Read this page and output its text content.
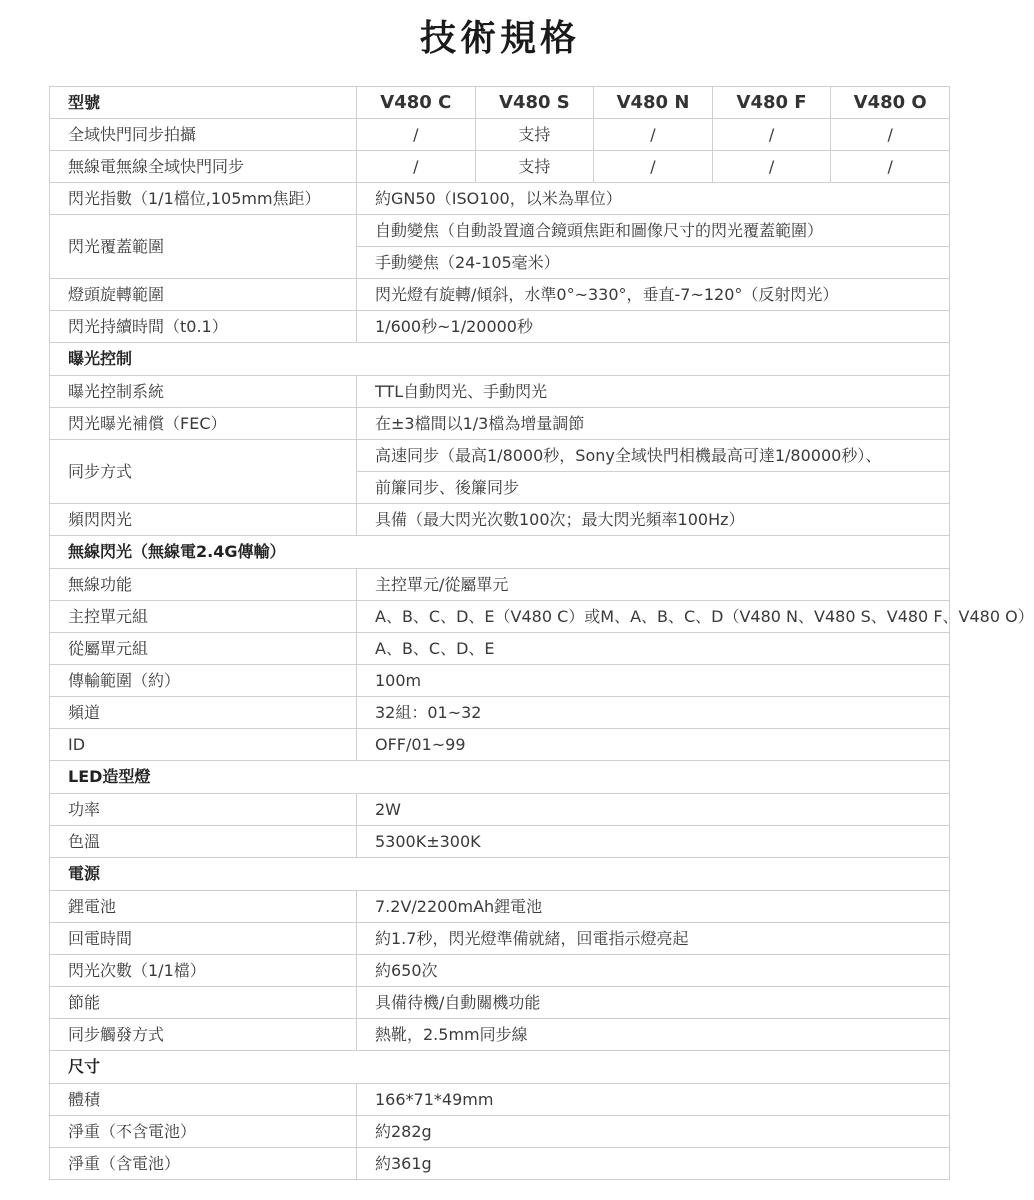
技術規格
型號	V480 C	V480 S	V480 N	V480 F	V480 O
全域快門同步拍攝	/	支持	/	/	/
無線電無線全域快門同步	/	支持	/	/	/
閃光指數（1/1檔位,105mm焦距）	約GN50（ISO100，以米為單位）				
閃光覆蓋範圍	自動變焦（自動設置適合鏡頭焦距和圖像尺寸的閃光覆蓋範圍）				
	手動變焦（24-105毫米）				
燈頭旋轉範圍	閃光燈有旋轉/傾斜，水準0°~330°，垂直-7~120°（反射閃光）				
閃光持續時間（t0.1）	1/600秒~1/20000秒				
曝光控制					
曝光控制系統	TTL自動閃光、手動閃光				
閃光曝光補償（FEC）	在±3檔間以1/3檔為增量調節				
同步方式	高速同步（最高1/8000秒，Sony全域快門相機最高可達1/80000秒）、				
	前簾同步、後簾同步				
頻閃閃光	具備（最大閃光次數100次；最大閃光頻率100Hz）				
無線閃光（無線電2.4G傳輸）					
無線功能	主控單元/從屬單元				
主控單元組	A、B、C、D、E（V480 C）或M、A、B、C、D（V480 N、V480 S、V480 F、V480 O）				
從屬單元組	A、B、C、D、E				
傳輸範圍（約）	100m				
頻道	32組：01~32				
ID	OFF/01~99				
LED造型燈					
功率	2W				
色溫	5300K±300K				
電源					
鋰電池	7.2V/2200mAh鋰電池				
回電時間	約1.7秒，閃光燈準備就緒，回電指示燈亮起				
閃光次數（1/1檔）	約650次				
節能	具備待機/自動關機功能				
同步觸發方式	熱靴，2.5mm同步線				
尺寸					
體積	166*71*49mm				
淨重（不含電池）	約282g				
淨重（含電池）	約361g				
